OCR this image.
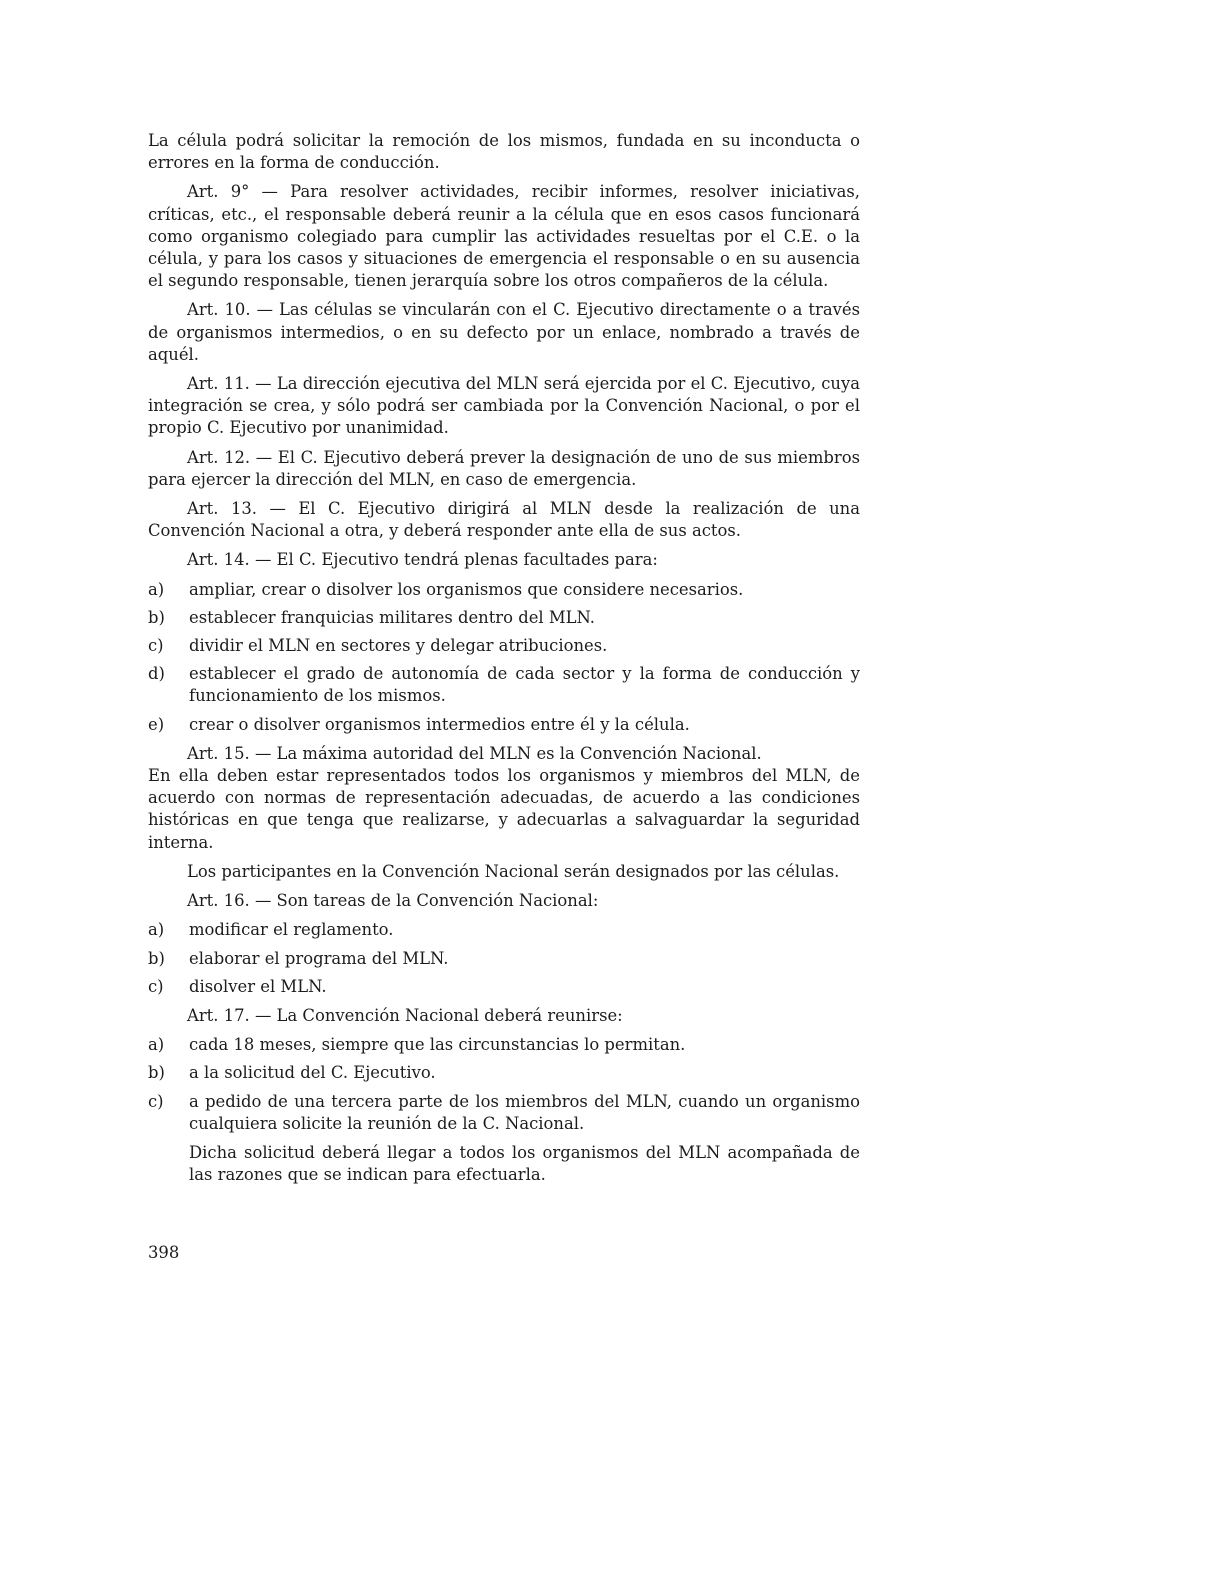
La célula podrá solicitar la remoción de los mismos, fundada en su inconducta o errores en la forma de conducción.

Art. 9° — Para resolver actividades, recibir informes, resolver iniciativas, críticas, etc., el responsable deberá reunir a la célula que en esos casos funcionará como organismo colegiado para cumplir las actividades resueltas por el C.E. o la célula, y para los casos y situaciones de emergencia el responsable o en su ausencia el segundo responsable, tienen jerarquía sobre los otros compañeros de la célula.

Art. 10. — Las células se vincularán con el C. Ejecutivo directamente o a través de organismos intermedios, o en su defecto por un enlace, nombrado a través de aquél.

Art. 11. — La dirección ejecutiva del MLN será ejercida por el C. Ejecutivo, cuya integración se crea, y sólo podrá ser cambiada por la Convención Nacional, o por el propio C. Ejecutivo por unanimidad.

Art. 12. — El C. Ejecutivo deberá prever la designación de uno de sus miembros para ejercer la dirección del MLN, en caso de emergencia.

Art. 13. — El C. Ejecutivo dirigirá al MLN desde la realización de una Convención Nacional a otra, y deberá responder ante ella de sus actos.

Art. 14. — El C. Ejecutivo tendrá plenas facultades para:

a)	ampliar, crear o disolver los organismos que considere necesarios.
b)	establecer franquicias militares dentro del MLN.
c)	dividir el MLN en sectores y delegar atribuciones.
d)	establecer el grado de autonomía de cada sector y la forma de conducción y funcionamiento de los mismos.
e)	crear o disolver organismos intermedios entre él y la célula.

Art. 15. — La máxima autoridad del MLN es la Convención Nacional.

En ella deben estar representados todos los organismos y miembros del MLN, de acuerdo con normas de representación adecuadas, de acuerdo a las condiciones históricas en que tenga que realizarse, y adecuarlas a salvaguardar la seguridad interna.

Los participantes en la Convención Nacional serán designados por las células.

Art. 16. — Son tareas de la Convención Nacional:

a)	modificar el reglamento.
b)	elaborar el programa del MLN.
c)	disolver el MLN.

Art. 17. — La Convención Nacional deberá reunirse:

a)	cada 18 meses, siempre que las circunstancias lo permitan.
b)	a la solicitud del C. Ejecutivo.
c)	a pedido de una tercera parte de los miembros del MLN, cuando un organismo cualquiera solicite la reunión de la C. Nacional.

Dicha solicitud deberá llegar a todos los organismos del MLN acompañada de las razones que se indican para efectuarla.

398
